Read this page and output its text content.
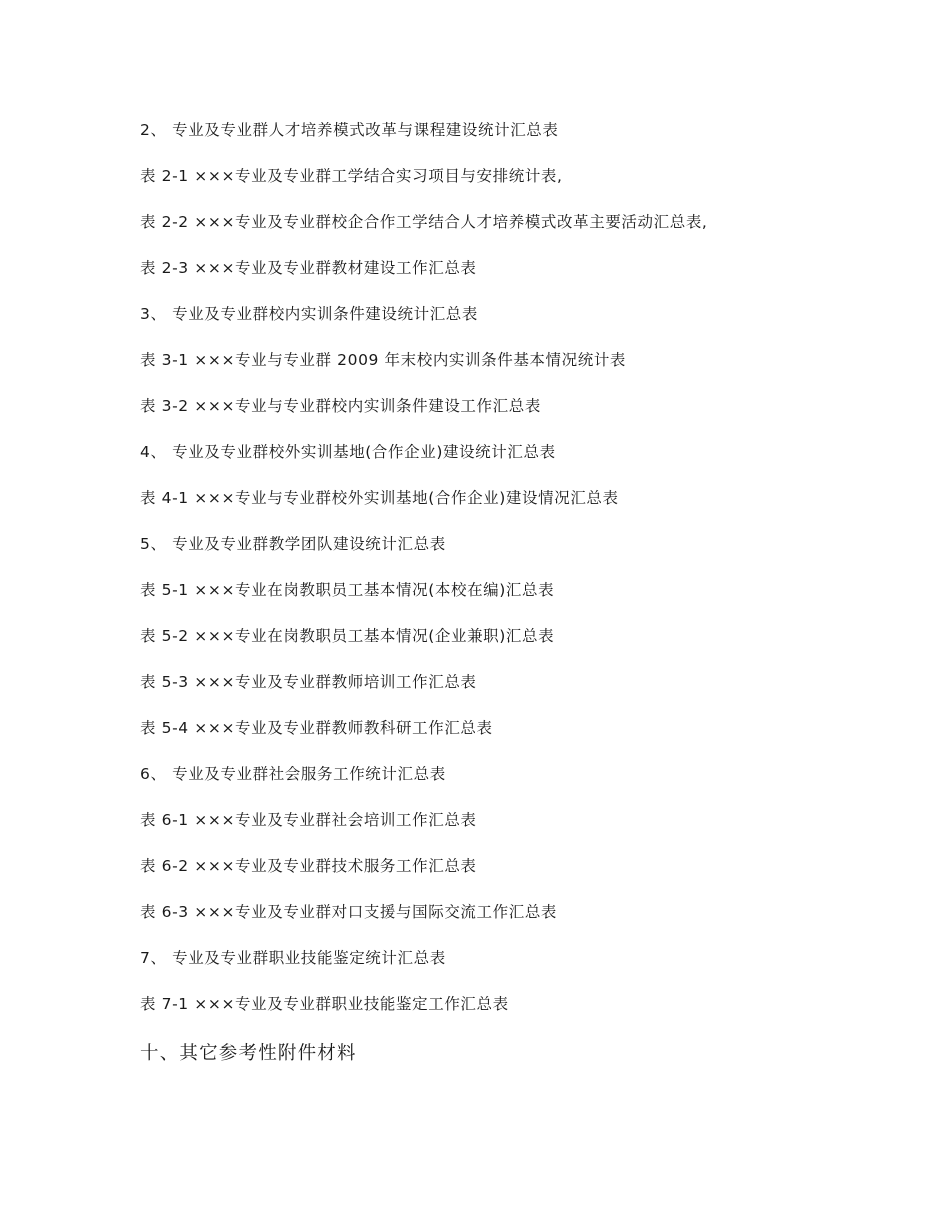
2、 专业及专业群人才培养模式改革与课程建设统计汇总表
表 2-1 ×××专业及专业群工学结合实习项目与安排统计表,
表 2-2 ×××专业及专业群校企合作工学结合人才培养模式改革主要活动汇总表,
表 2-3 ×××专业及专业群教材建设工作汇总表
3、 专业及专业群校内实训条件建设统计汇总表
表 3-1 ×××专业与专业群 2009 年末校内实训条件基本情况统计表
表 3-2 ×××专业与专业群校内实训条件建设工作汇总表
4、 专业及专业群校外实训基地(合作企业)建设统计汇总表
表 4-1 ×××专业与专业群校外实训基地(合作企业)建设情况汇总表
5、 专业及专业群教学团队建设统计汇总表
表 5-1 ×××专业在岗教职员工基本情况(本校在编)汇总表
表 5-2 ×××专业在岗教职员工基本情况(企业兼职)汇总表
表 5-3 ×××专业及专业群教师培训工作汇总表
表 5-4 ×××专业及专业群教师教科研工作汇总表
6、 专业及专业群社会服务工作统计汇总表
表 6-1 ×××专业及专业群社会培训工作汇总表
表 6-2 ×××专业及专业群技术服务工作汇总表
表 6-3 ×××专业及专业群对口支援与国际交流工作汇总表
7、 专业及专业群职业技能鉴定统计汇总表
表 7-1 ×××专业及专业群职业技能鉴定工作汇总表
十、其它参考性附件材料
